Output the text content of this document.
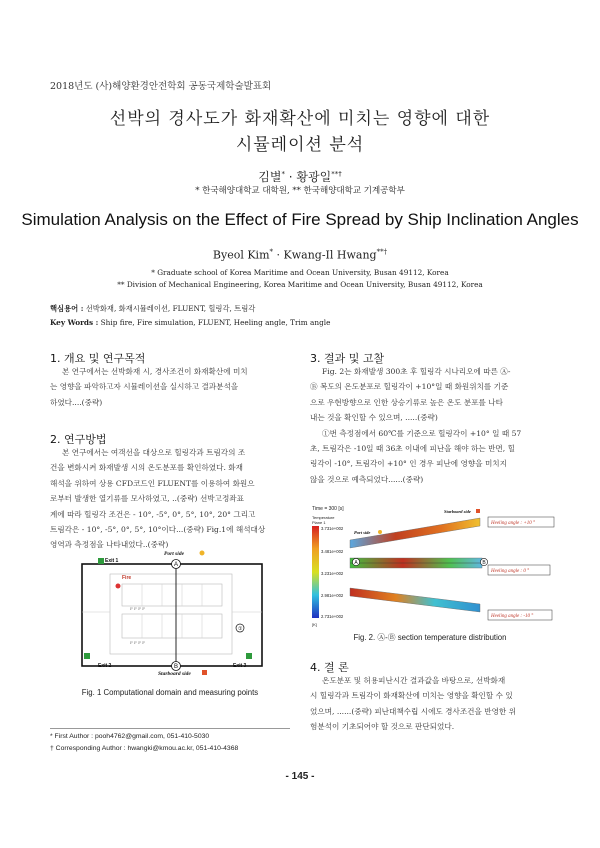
2018년도 (사)해양환경안전학회 공동국제학술발표회
선박의 경사도가 화재확산에 미치는 영향에 대한
시뮬레이션 분석
김별* · 황광일**†
* 한국해양대학교 대학원, ** 한국해양대학교 기계공학부
Simulation Analysis on the Effect of Fire Spread by Ship Inclination Angles
Byeol Kim* · Kwang-Il Hwang**†
* Graduate school of Korea Maritime and Ocean University, Busan 49112, Korea
** Division of Mechanical Engineering, Korea Maritime and Ocean University, Busan 49112, Korea
핵심용어 : 선박화재, 화재시뮬레이션, FLUENT, 힐링각, 트림각
Key Words : Ship fire, Fire simulation, FLUENT, Heeling angle, Trim angle
1. 개요 및 연구목적
본 연구에서는 선박화재 시, 경사조건이 화재확산에 미치
는 영향을 파악하고자 시뮬레이션을 실시하고 결과분석을
하였다....(중략)
2. 연구방법
본 연구에서는 여객선을 대상으로 힐링각과 트림각의 조
건을 변화시켜 화재발생 시의 온도분포를 확인하였다. 화재
해석을 위하여 상용 CFD코드인 FLUENT를 이용하여 화원으
로부터 발생한 열기류를 모사하였고, ..(중략) 선박고정좌표
계에 따라 힐링각 조건은 - 10°, -5°, 0°, 5°, 10°, 20° 그리고
트림각은 - 10°, -5°, 0°, 5°, 10°이다...(중략) Fig.1에 해석대상
영역과 측정점을 나타내었다..(중략)
F F F F
F F F F
Exit 1
Exit 2	Exit 3
Fire
A
B
①
Port side
Starboard side
Fig. 1 Computational domain and measuring points
3. 결과 및 고찰
Fig. 2는 화재발생 300초 후 힐링각 시나리오에 따른 Ⓐ-
Ⓑ 복도의 온도분포로 힐링각이 +10°일 때 화원위치를 기준
으로 우현방향으로 인한 상승기류로 높은 온도 분포를 나타
내는 것을 확인할 수 있으며, .....(중략)
①번 측정점에서 60℃를 기준으로 힐링각이 +10° 일 때 57
초, 트림각은 -10일 때 36초 이내에 피난을 해야 하는 반면, 힐
링각이 -10°, 트림각이 +10° 인 경우 피난에 영향을 미치지
않을 것으로 예측되었다......(중략)
Time = 300 [s]
Temperature
Plane 1
3.731e+002
3.481e+002
3.231e+002
2.981e+002
2.731e+002
[K]
Port side
Starboard side
A	B
Heeling angle : +10 °
Heeling angle : 0 °
Heeling angle : -10 °
Fig. 2. Ⓐ-Ⓑ section temperature distribution
4. 결 론
온도분포 및 허용피난시간 결과값을 바탕으로, 선박화재
시 힐링각과 트림각이 화재확산에 미치는 영향을 확인할 수 있
었으며, ......(중략) 피난대책수립 시에도 경사조건을 반영한 위
험분석이 기초되어야 할 것으로 판단되었다.
* First Author : pooh4762@gmail.com, 051-410-5030
† Corresponding Author : hwangki@kmou.ac.kr, 051-410-4368
- 145 -
